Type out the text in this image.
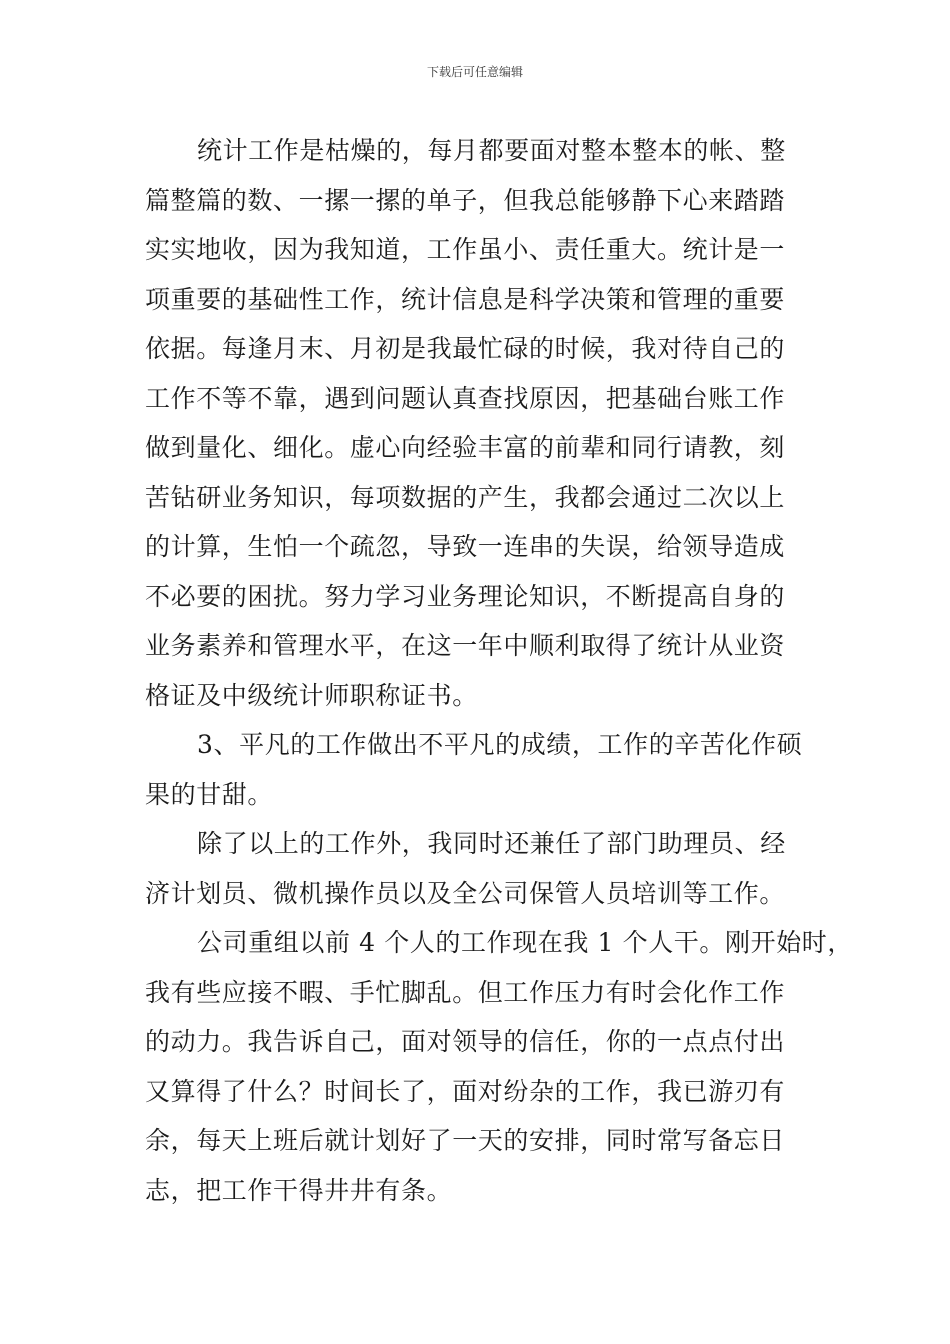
下载后可任意编辑
统计工作是枯燥的，每月都要面对整本整本的帐、整
篇整篇的数、一摞一摞的单子，但我总能够静下心来踏踏
实实地收，因为我知道，工作虽小、责任重大。统计是一
项重要的基础性工作，统计信息是科学决策和管理的重要
依据。每逢月末、月初是我最忙碌的时候，我对待自己的
工作不等不靠，遇到问题认真查找原因，把基础台账工作
做到量化、细化。虚心向经验丰富的前辈和同行请教，刻
苦钻研业务知识，每项数据的产生，我都会通过二次以上
的计算，生怕一个疏忽，导致一连串的失误，给领导造成
不必要的困扰。努力学习业务理论知识，不断提高自身的
业务素养和管理水平，在这一年中顺利取得了统计从业资
格证及中级统计师职称证书。
3、平凡的工作做出不平凡的成绩，工作的辛苦化作硕
果的甘甜。
除了以上的工作外，我同时还兼任了部门助理员、经
济计划员、微机操作员以及全公司保管人员培训等工作。
公司重组以前 4 个人的工作现在我 1 个人干。刚开始时，
我有些应接不暇、手忙脚乱。但工作压力有时会化作工作
的动力。我告诉自己，面对领导的信任，你的一点点付出
又算得了什么？时间长了，面对纷杂的工作，我已游刃有
余，每天上班后就计划好了一天的安排，同时常写备忘日
志，把工作干得井井有条。
